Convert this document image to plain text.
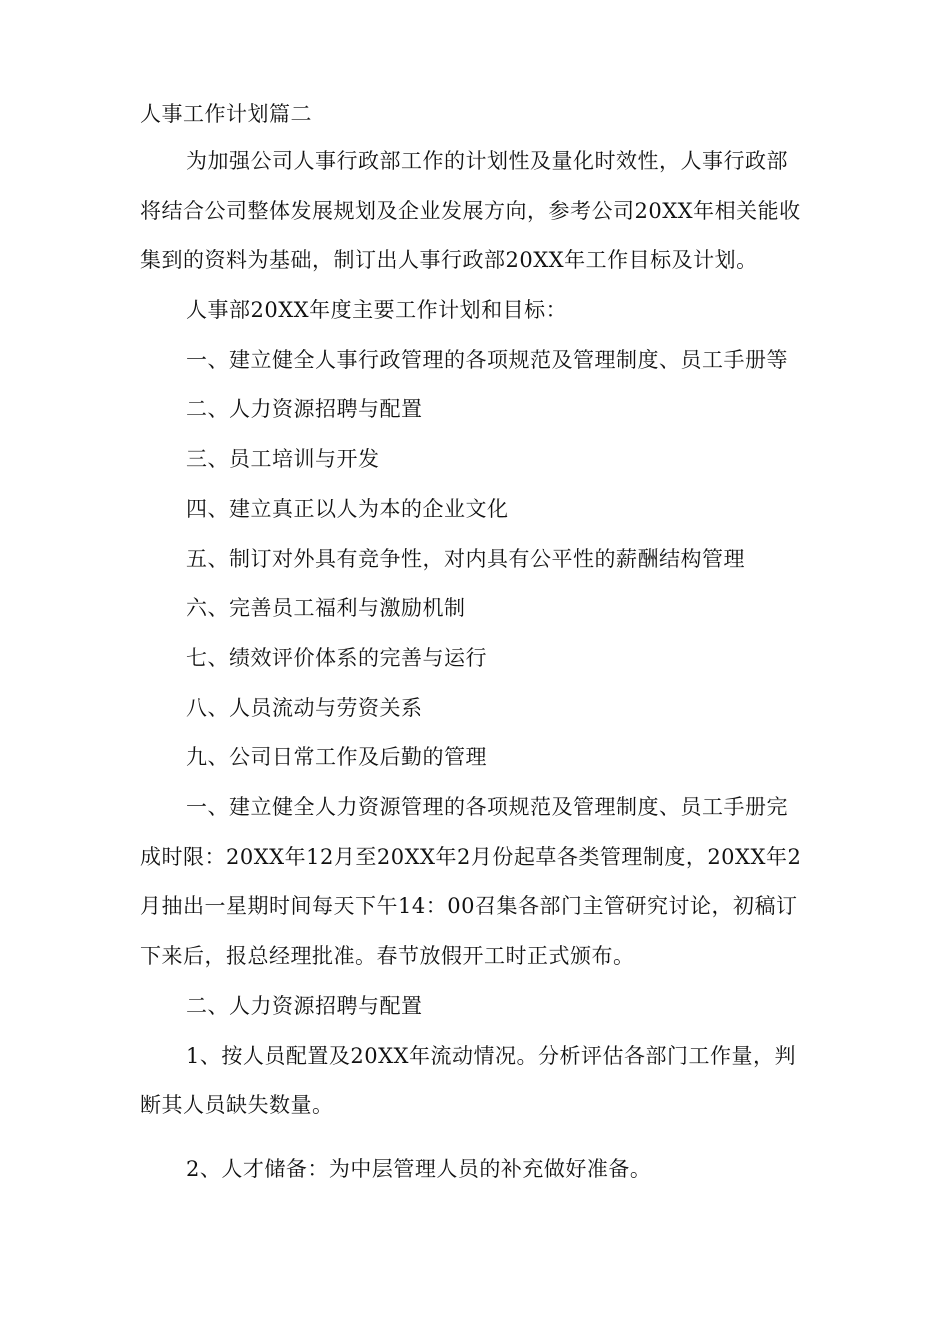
人事工作计划篇二
为加强公司人事行政部工作的计划性及量化时效性，人事行政部
将结合公司整体发展规划及企业发展方向，参考公司20XX年相关能收
集到的资料为基础，制订出人事行政部20XX年工作目标及计划。
人事部20XX年度主要工作计划和目标：
一、建立健全人事行政管理的各项规范及管理制度、员工手册等
二、人力资源招聘与配置
三、员工培训与开发
四、建立真正以人为本的企业文化
五、制订对外具有竞争性，对内具有公平性的薪酬结构管理
六、完善员工福利与激励机制
七、绩效评价体系的完善与运行
八、人员流动与劳资关系
九、公司日常工作及后勤的管理
一、建立健全人力资源管理的各项规范及管理制度、员工手册完
成时限：20XX年12月至20XX年2月份起草各类管理制度，20XX年2
月抽出一星期时间每天下午14：00召集各部门主管研究讨论，初稿订
下来后，报总经理批准。春节放假开工时正式颁布。
二、人力资源招聘与配置
1、按人员配置及20XX年流动情况。分析评估各部门工作量，判
断其人员缺失数量。
2、人才储备：为中层管理人员的补充做好准备。
